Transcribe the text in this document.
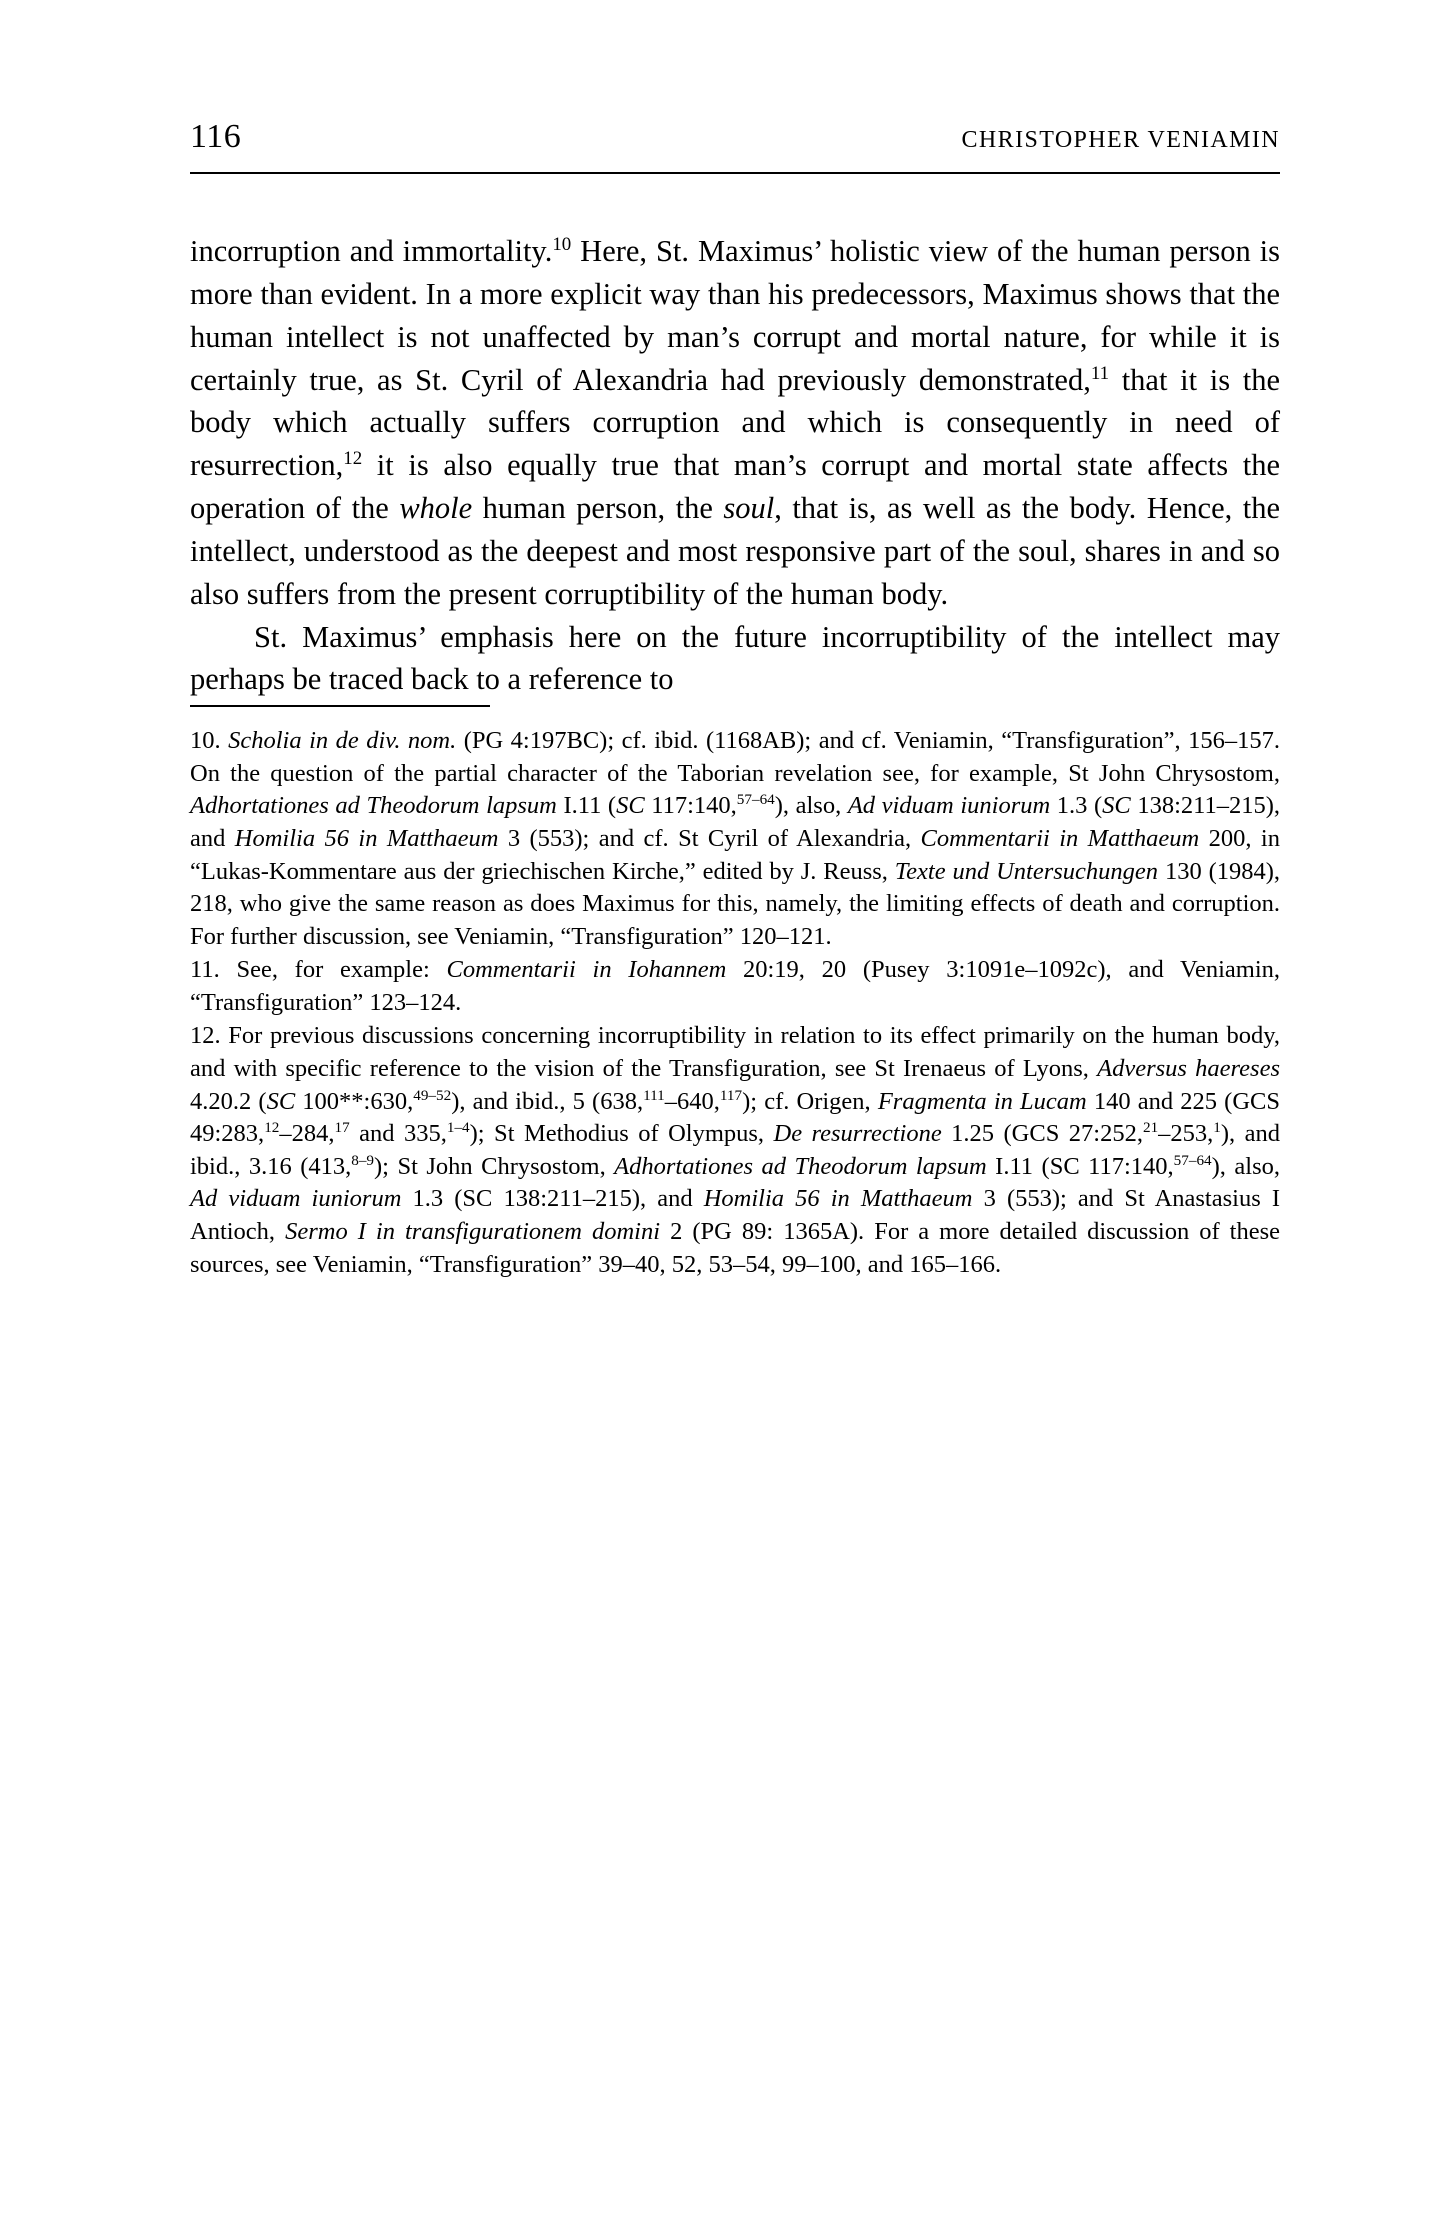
116	CHRISTOPHER VENIAMIN

incorruption and immortality.$^{10}$ Here, St. Maximus’ holistic view of the human person is more than evident. In a more explicit way than his predecessors, Maximus shows that the human intellect is not unaffected by man’s corrupt and mortal nature, for while it is certainly true, as St. Cyril of Alexandria had previously demonstrated,$^{11}$ that it is the body which actually suffers corruption and which is consequently in need of resurrection,$^{12}$ it is also equally true that man’s corrupt and mortal state affects the operation of the whole human person, the soul, that is, as well as the body. Hence, the intellect, understood as the deepest and most responsive part of the soul, shares in and so also suffers from the present corruptibility of the human body.

St. Maximus’ emphasis here on the future incorruptibility of the intellect may perhaps be traced back to a reference to

10. Scholia in de div. nom. (PG 4:197BC); cf. ibid. (1168AB); and cf. Veniamin, “Transfiguration”, 156–157. On the question of the partial character of the Taborian revelation see, for example, St John Chrysostom, Adhortationes ad Theodorum lapsum I.11 (SC 117:140,$^{57-64}$), also, Ad viduam iuniorum 1.3 (SC 138:211–215), and Homilia 56 in Matthaeum 3 (553); and cf. St Cyril of Alexandria, Commentarii in Matthaeum 200, in “Lukas-Kommentare aus der griechischen Kirche,” edited by J. Reuss, Texte und Untersuchungen 130 (1984), 218, who give the same reason as does Maximus for this, namely, the limiting effects of death and corruption. For further discussion, see Veniamin, “Transfiguration” 120–121.

11. See, for example: Commentarii in Iohannem 20:19, 20 (Pusey 3:1091e–1092c), and Veniamin, “Transfiguration” 123–124.

12. For previous discussions concerning incorruptibility in relation to its effect primarily on the human body, and with specific reference to the vision of the Transfiguration, see St Irenaeus of Lyons, Adversus haereses 4.20.2 (SC 100**:630,$^{49-52}$), and ibid., 5 (638,$^{111}$–640,$^{117}$); cf. Origen, Fragmenta in Lucam 140 and 225 (GCS 49:283,12–284,17 and 335,$^{1-4}$); St Methodius of Olympus, De resurrectione 1.25 (GCS 27:252,21–253,$^1$), and ibid., 3.16 (413,$^{8-9}$); St John Chrysostom, Adhortationes ad Theodorum lapsum I.11 (SC 117:140,$^{57-64}$), also, Ad viduam iuniorum 1.3 (SC 138:211–215), and Homilia 56 in Matthaeum 3 (553); and St Anastasius I Antioch, Sermo I in transfigurationem domini 2 (PG 89: 1365A). For a more detailed discussion of these sources, see Veniamin, “Transfiguration” 39–40, 52, 53–54, 99–100, and 165–166.
